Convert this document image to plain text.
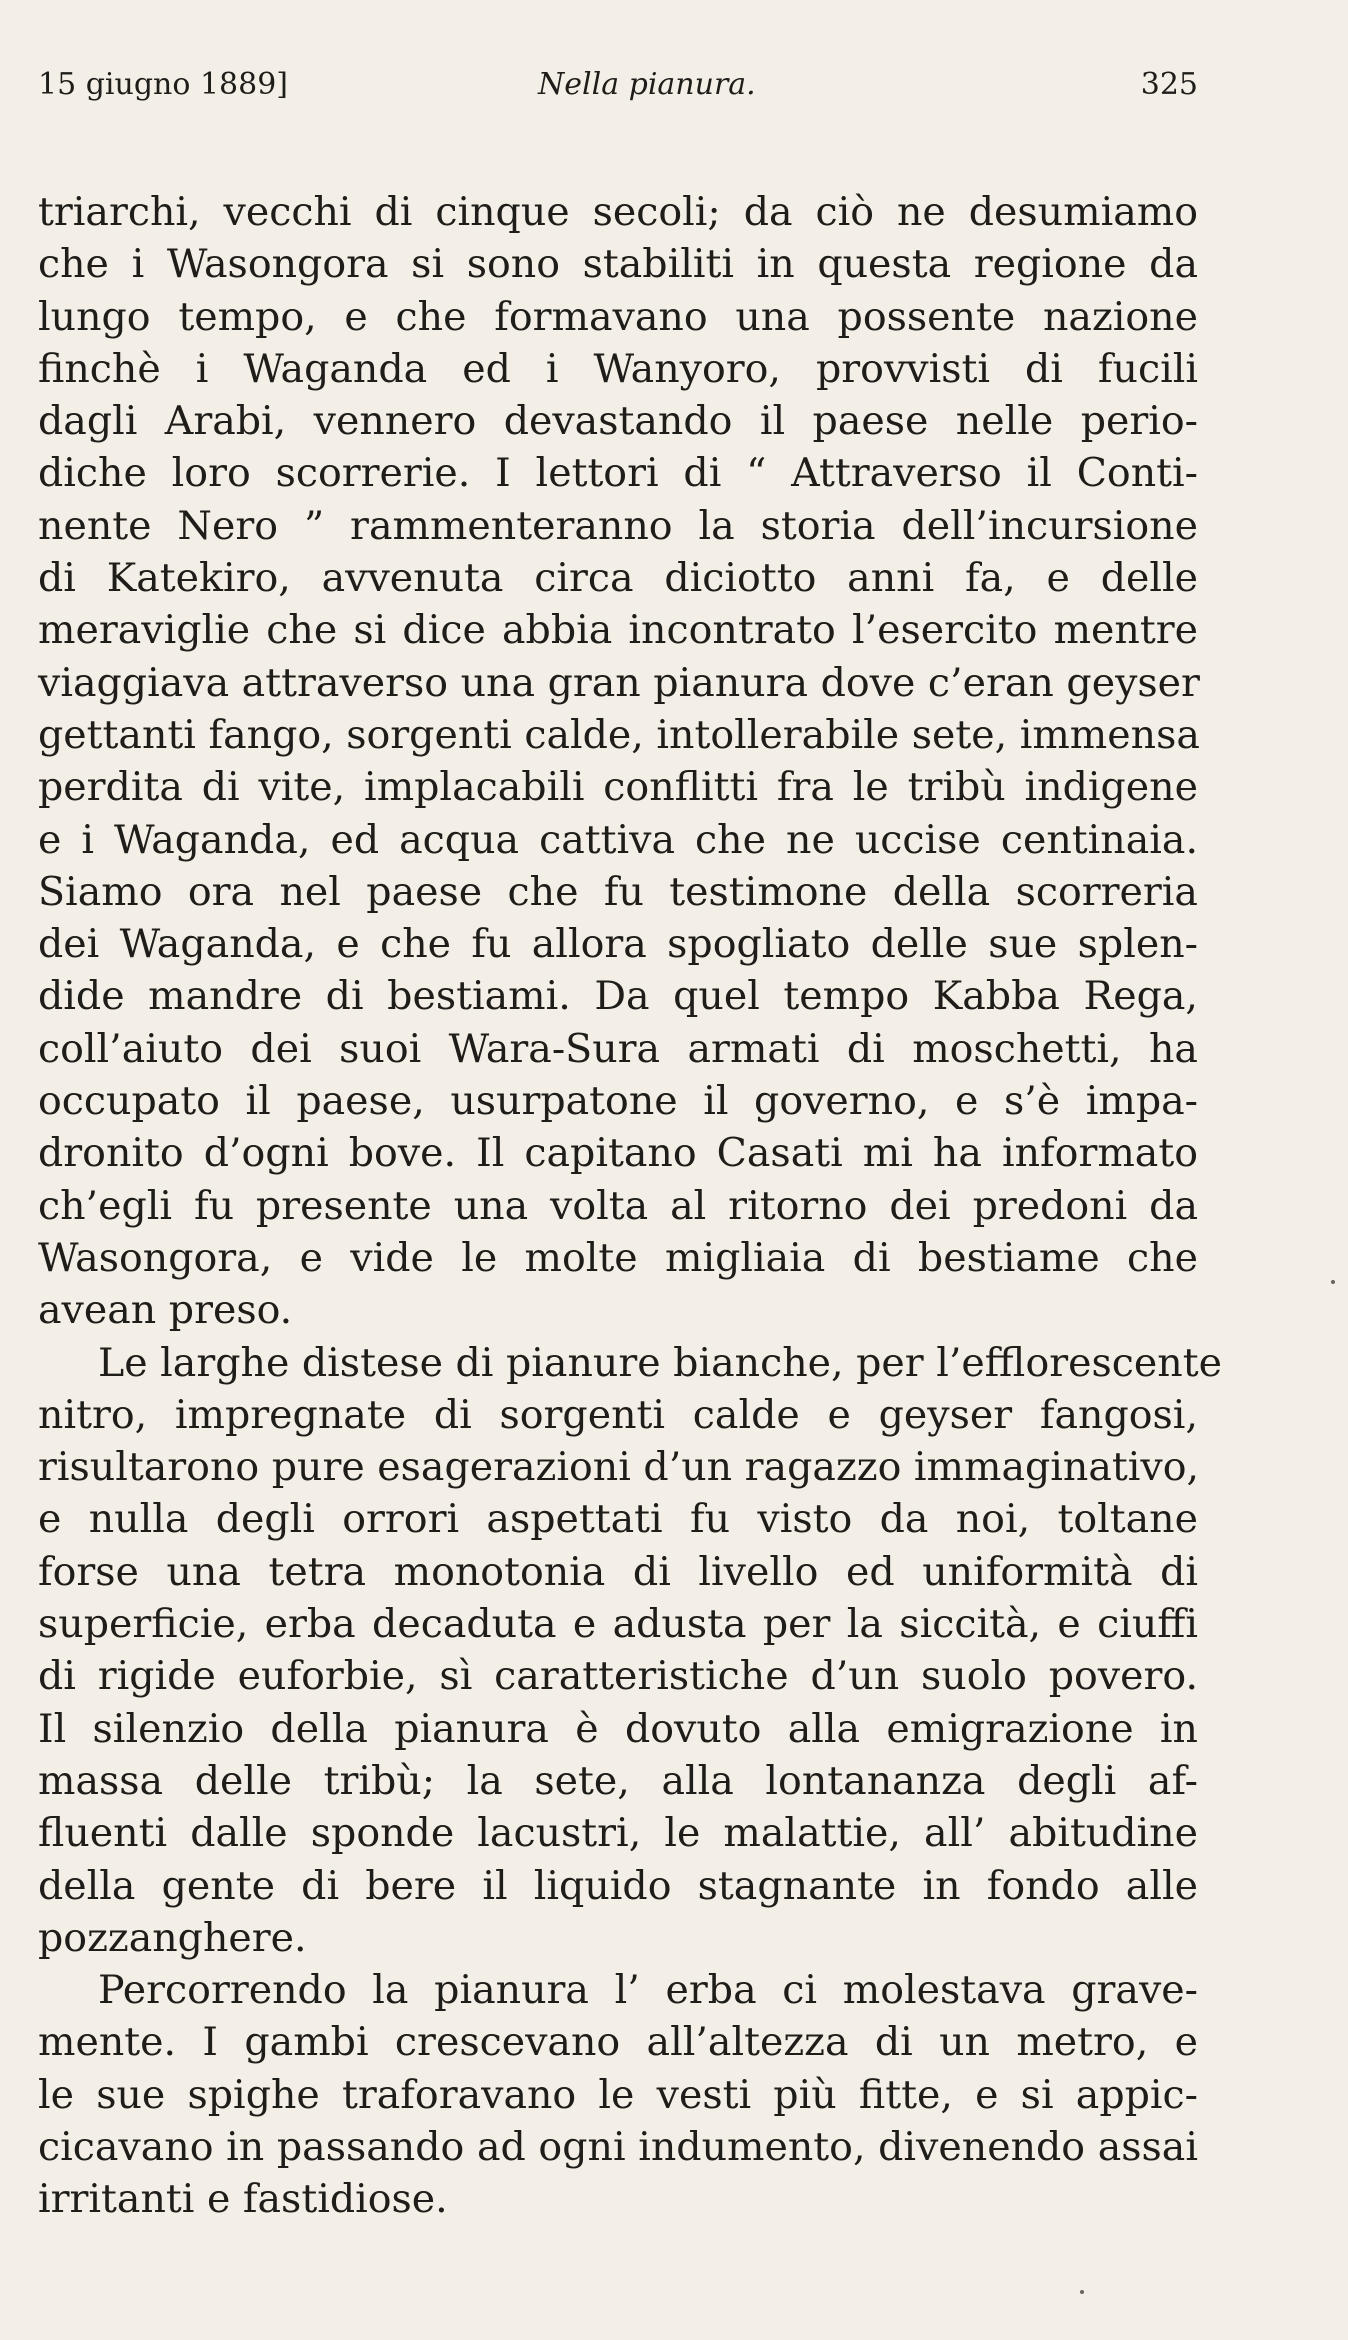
15 giugno 1889]	Nella pianura.	325
triarchi, vecchi di cinque secoli; da ciò ne desumiamo
che i Wasongora si sono stabiliti in questa regione da
lungo tempo, e che formavano una possente nazione
finchè i Waganda ed i Wanyoro, provvisti di fucili
dagli Arabi, vennero devastando il paese nelle perio-
diche loro scorrerie. I lettori di “ Attraverso il Conti-
nente Nero ” rammenteranno la storia dell’incursione
di Katekiro, avvenuta circa diciotto anni fa, e delle
meraviglie che si dice abbia incontrato l’esercito mentre
viaggiava attraverso una gran pianura dove c’eran geyser
gettanti fango, sorgenti calde, intollerabile sete, immensa
perdita di vite, implacabili conflitti fra le tribù indigene
e i Waganda, ed acqua cattiva che ne uccise centinaia.
Siamo ora nel paese che fu testimone della scorreria
dei Waganda, e che fu allora spogliato delle sue splen-
dide mandre di bestiami. Da quel tempo Kabba Rega,
coll’aiuto dei suoi Wara-Sura armati di moschetti, ha
occupato il paese, usurpatone il governo, e s’è impa-
dronito d’ogni bove. Il capitano Casati mi ha informato
ch’egli fu presente una volta al ritorno dei predoni da
Wasongora, e vide le molte migliaia di bestiame che
avean preso.
Le larghe distese di pianure bianche, per l’efflorescente
nitro, impregnate di sorgenti calde e geyser fangosi,
risultarono pure esagerazioni d’un ragazzo immaginativo,
e nulla degli orrori aspettati fu visto da noi, toltane
forse una tetra monotonia di livello ed uniformità di
superficie, erba decaduta e adusta per la siccità, e ciuffi
di rigide euforbie, sì caratteristiche d’un suolo povero.
Il silenzio della pianura è dovuto alla emigrazione in
massa delle tribù; la sete, alla lontananza degli af-
fluenti dalle sponde lacustri, le malattie, all’ abitudine
della gente di bere il liquido stagnante in fondo alle
pozzanghere.
Percorrendo la pianura l’ erba ci molestava grave-
mente. I gambi crescevano all’altezza di un metro, e
le sue spighe traforavano le vesti più fitte, e si appic-
cicavano in passando ad ogni indumento, divenendo assai
irritanti e fastidiose.
